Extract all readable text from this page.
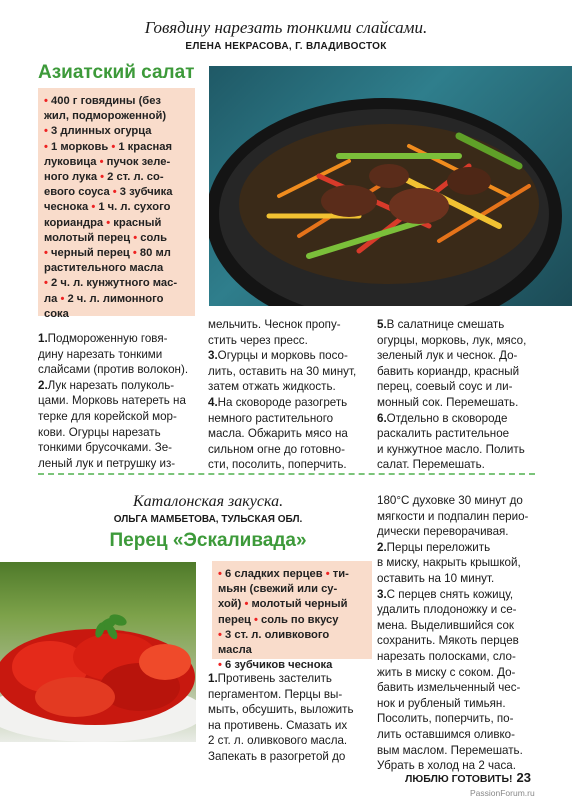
Говядину нарезать тонкими слайсами.
ЕЛЕНА НЕКРАСОВА, Г. ВЛАДИВОСТОК
Азиатский салат
• 400 г говядины (без
жил, подмороженной)
• 3 длинных огурца
• 1 морковь • 1 красная
луковица • пучок зеле-
ного лука • 2 ст. л. со-
евого соуса • 3 зубчика
чеснока • 1 ч. л. сухого
кориандра • красный
молотый перец • соль
• черный перец • 80 мл
растительного масла
• 2 ч. л. кунжутного мас-
ла • 2 ч. л. лимонного
сока
1.Подмороженную говя-
дину нарезать тонкими
слайсами (против волокон).
2.Лук нарезать полуколь-
цами. Морковь натереть на
терке для корейской мор-
кови. Огурцы нарезать
тонкими брусочками. Зе-
леный лук и петрушку из-
мельчить. Чеснок пропу-
стить через пресс.
3.Огурцы и морковь посо-
лить, оставить на 30 минут,
затем отжать жидкость.
4.На сковороде разогреть
немного растительного
масла. Обжарить мясо на
сильном огне до готовно-
сти, посолить, поперчить.
5.В салатнице смешать
огурцы, морковь, лук, мясо,
зеленый лук и чеснок. До-
бавить кориандр, красный
перец, соевый соус и ли-
монный сок. Перемешать.
6.Отдельно в сковороде
раскалить растительное
и кунжутное масло. Полить
салат. Перемешать.
Каталонская закуска.
ОЛЬГА МАМБЕТОВА, ТУЛЬСКАЯ ОБЛ.
Перец «Эскаливада»
• 6 сладких перцев • ти-
мьян (свежий или су-
хой) • молотый черный
перец • соль по вкусу
• 3 ст. л. оливкового масла
• 6 зубчиков чеснока
1.Противень застелить
пергаментом. Перцы вы-
мыть, обсушить, выложить
на противень. Смазать их
2 ст. л. оливкового масла.
Запекать в разогретой до
180°С духовке 30 минут до
мягкости и подпалин перио-
дически переворачивая.
2.Перцы переложить
в миску, накрыть крышкой,
оставить на 10 минут.
3.С перцев снять кожицу,
удалить плодоножку и се-
мена. Выделившийся сок
сохранить. Мякоть перцев
нарезать полосками, сло-
жить в миску с соком. До-
бавить измельченный чес-
нок и рубленый тимьян.
Посолить, поперчить, по-
лить оставшимся оливко-
вым маслом. Перемешать.
Убрать в холод на 2 часа.
ЛЮБЛЮ ГОТОВИТЬ! 23
PassionForum.ru
